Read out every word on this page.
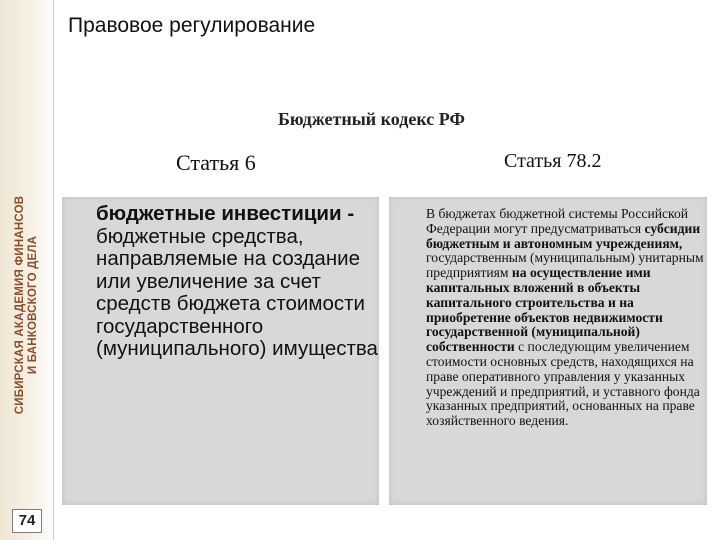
СИБИРСКАЯ АКАДЕМИЯ ФИНАНСОВ И БАНКОВСКОГО ДЕЛА
74
Правовое регулирование
Бюджетный кодекс РФ
Статья 6	Статья 78.2
бюджетные инвестиции - бюджетные средства, направляемые на создание или увеличение за счет средств бюджета стоимости государственного (муниципального) имущества
В бюджетах бюджетной системы Российской Федерации могут предусматриваться субсидии бюджетным и автономным учреждениям, государственным (муниципальным) унитарным предприятиям на осуществление ими капитальных вложений в объекты капитального строительства и на приобретение объектов недвижимости государственной (муниципальной) собственности с последующим увеличением стоимости основных средств, находящихся на праве оперативного управления у указанных учреждений и предприятий, и уставного фонда указанных предприятий, основанных на праве хозяйственного ведения.
